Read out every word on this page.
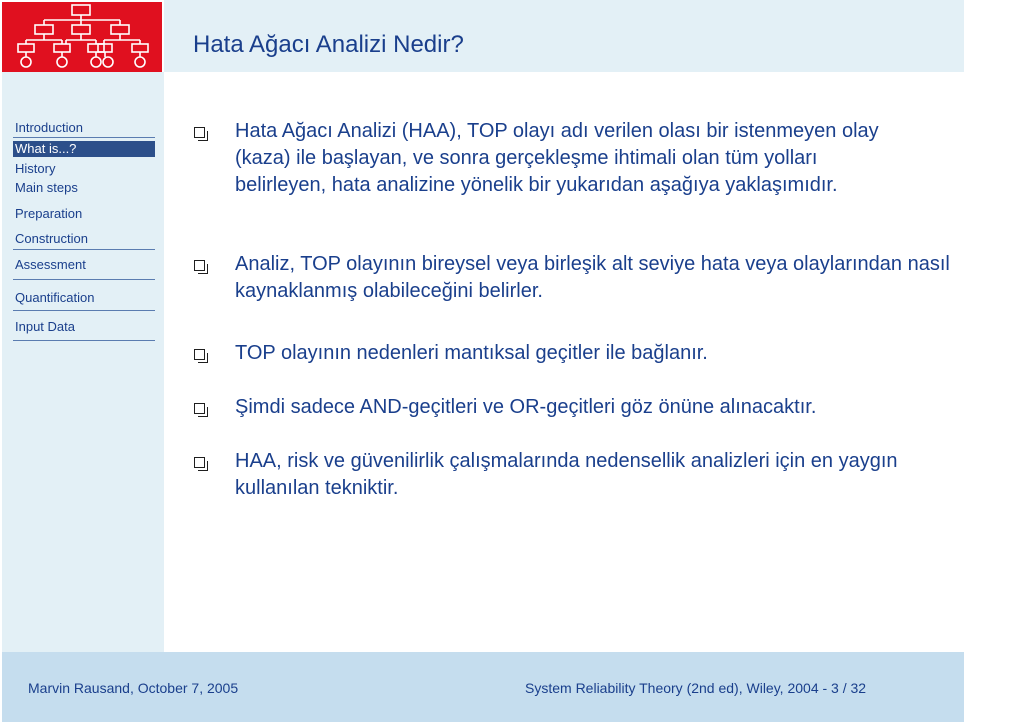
Hata Ağacı Analizi Nedir?
Introduction
What is...?
History
Main steps
Preparation
Construction
Assessment
Quantification
Input Data
Hata Ağacı Analizi (HAA), TOP olayı adı verilen olası bir istenmeyen olay (kaza) ile başlayan, ve sonra gerçekleşme ihtimali olan tüm yolları belirleyen, hata analizine yönelik bir yukarıdan aşağıya yaklaşımıdır.
Analiz, TOP olayının bireysel veya birleşik alt seviye hata veya olaylarından nasıl kaynaklanmış olabileceğini belirler.
TOP olayının nedenleri mantıksal geçitler ile bağlanır.
Şimdi sadece AND-geçitleri ve OR-geçitleri göz önüne alınacaktır.
HAA, risk ve güvenilirlik çalışmalarında nedensellik analizleri için en yaygın kullanılan tekniktir.
Marvin Rausand, October 7, 2005	System Reliability Theory (2nd ed), Wiley, 2004 - 3 / 32
